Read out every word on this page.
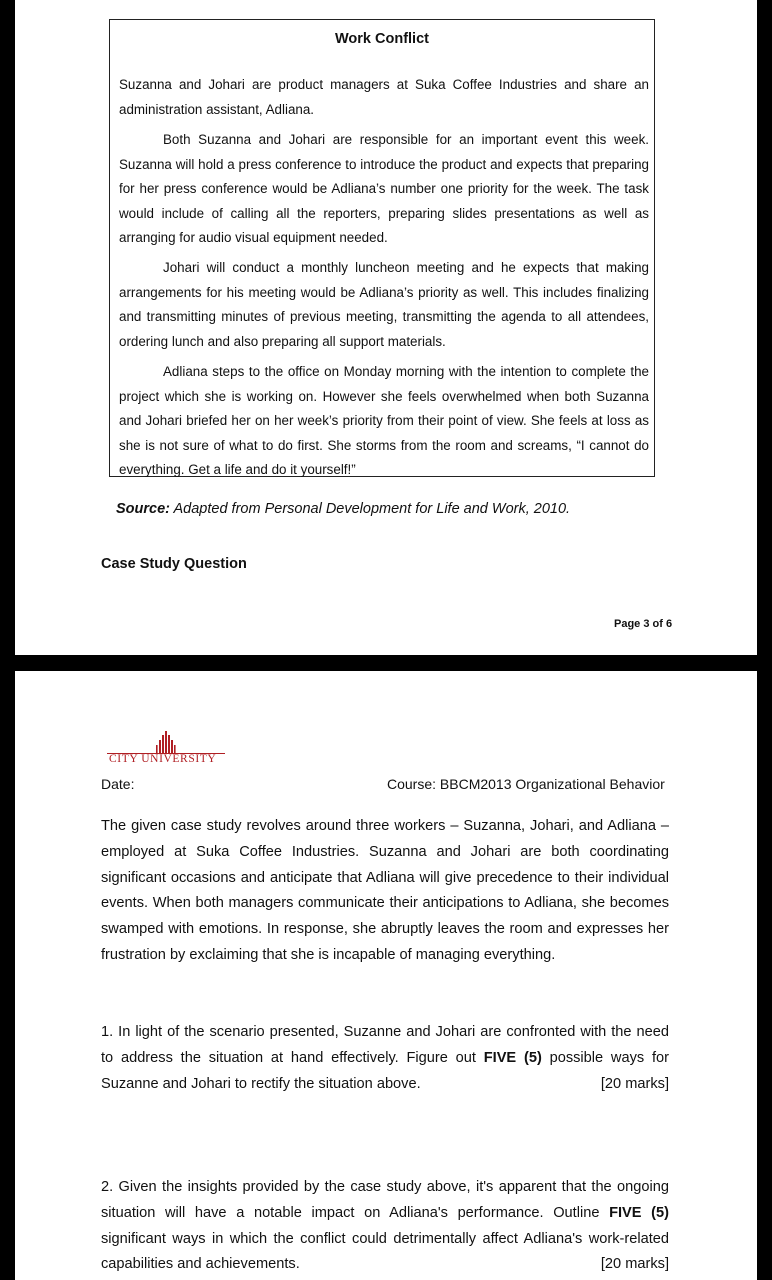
Work Conflict

Suzanna and Johari are product managers at Suka Coffee Industries and share an administration assistant, Adliana.

Both Suzanna and Johari are responsible for an important event this week. Suzanna will hold a press conference to introduce the product and expects that preparing for her press conference would be Adliana’s number one priority for the week. The task would include of calling all the reporters, preparing slides presentations as well as arranging for audio visual equipment needed.

Johari will conduct a monthly luncheon meeting and he expects that making arrangements for his meeting would be Adliana’s priority as well. This includes finalizing and transmitting minutes of previous meeting, transmitting the agenda to all attendees, ordering lunch and also preparing all support materials.

Adliana steps to the office on Monday morning with the intention to complete the project which she is working on. However she feels overwhelmed when both Suzanna and Johari briefed her on her week’s priority from their point of view. She feels at loss as she is not sure of what to do first. She storms from the room and screams, “I cannot do everything. Get a life and do it yourself!”

Source: Adapted from Personal Development for Life and Work, 2010.
Case Study Question
Page 3 of 6
CITY UNIVERSITY
Date:	Course: BBCM2013 Organizational Behavior

The given case study revolves around three workers – Suzanna, Johari, and Adliana – employed at Suka Coffee Industries. Suzanna and Johari are both coordinating significant occasions and anticipate that Adliana will give precedence to their individual events. When both managers communicate their anticipations to Adliana, she becomes swamped with emotions. In response, she abruptly leaves the room and expresses her frustration by exclaiming that she is incapable of managing everything.

1. In light of the scenario presented, Suzanne and Johari are confronted with the need to address the situation at hand effectively. Figure out FIVE (5) possible ways for Suzanne and Johari to rectify the situation above.	[20 marks]

2. Given the insights provided by the case study above, it's apparent that the ongoing situation will have a notable impact on Adliana's performance. Outline FIVE (5) significant ways in which the conflict could detrimentally affect Adliana's work-related capabilities and achievements.	[20 marks]
